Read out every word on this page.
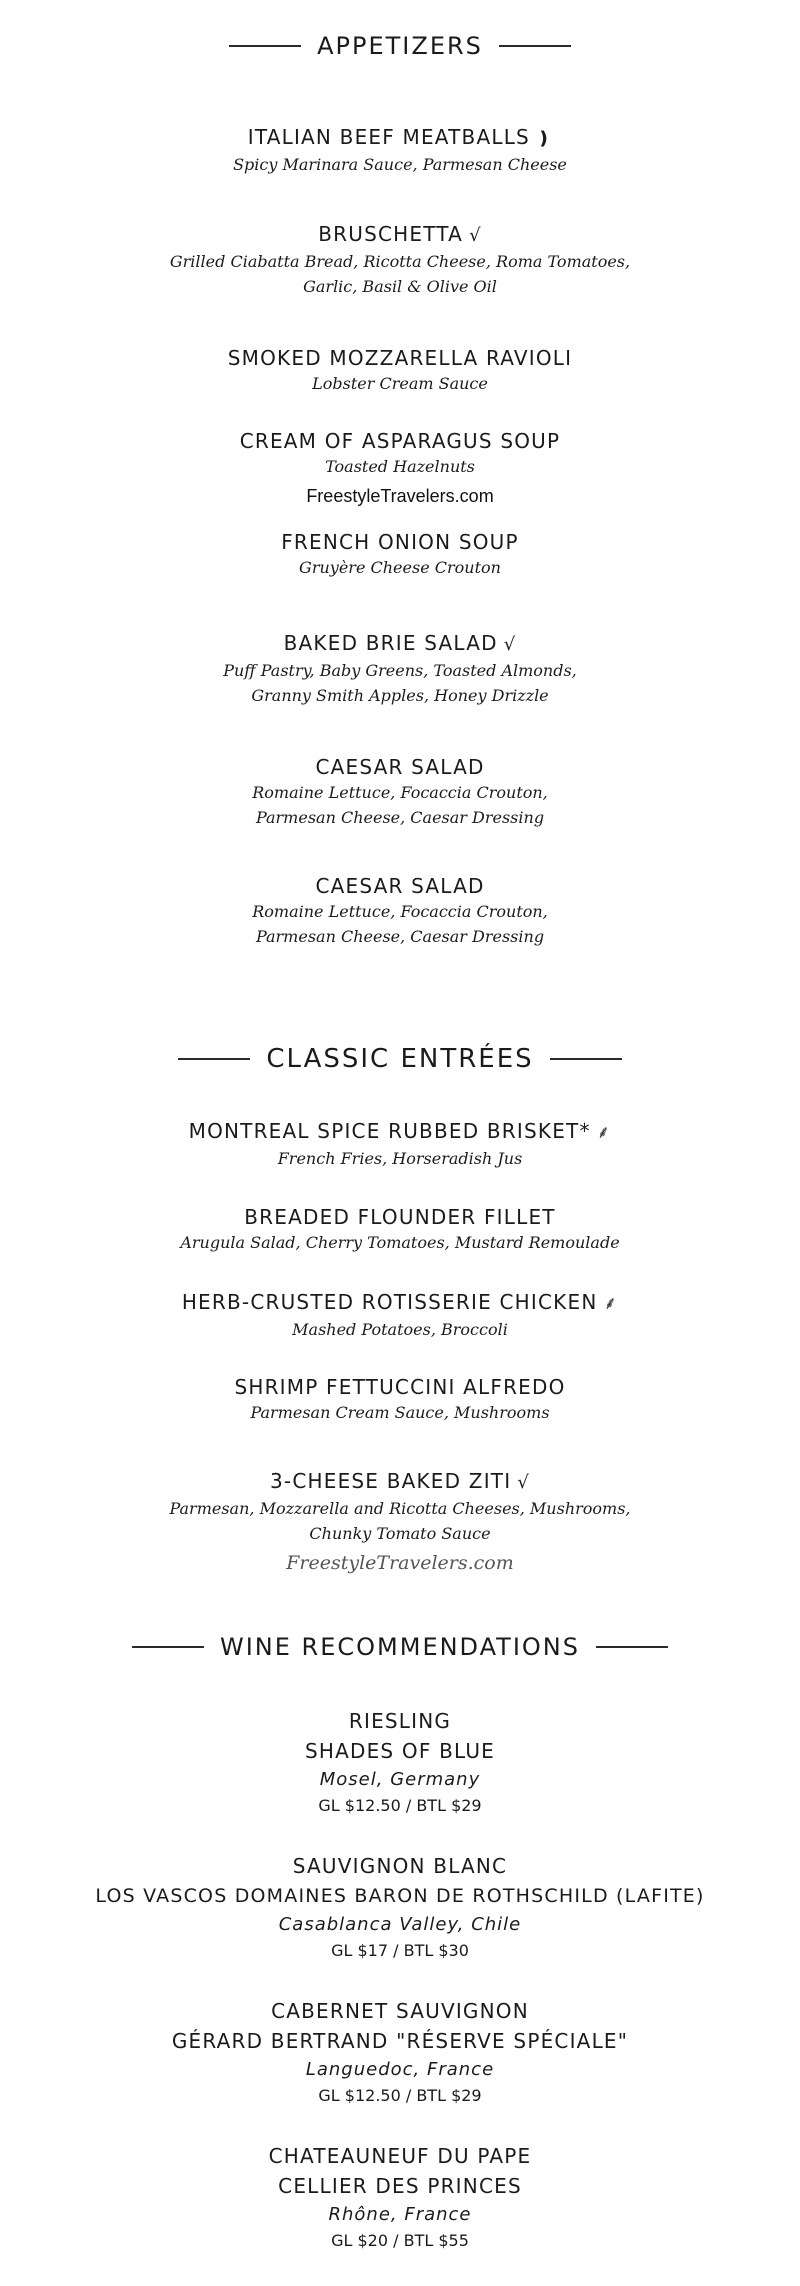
APPETIZERS
ITALIAN BEEF MEATBALLS ❫
Spicy Marinara Sauce, Parmesan Cheese
BRUSCHETTA √
Grilled Ciabatta Bread, Ricotta Cheese, Roma Tomatoes,
Garlic, Basil & Olive Oil
SMOKED MOZZARELLA RAVIOLI
Lobster Cream Sauce
CREAM OF ASPARAGUS SOUP
Toasted Hazelnuts
FreestyleTravelers.com
FRENCH ONION SOUP
Gruyère Cheese Crouton
BAKED BRIE SALAD √
Puff Pastry, Baby Greens, Toasted Almonds,
Granny Smith Apples, Honey Drizzle
CAESAR SALAD
Romaine Lettuce, Focaccia Crouton,
Parmesan Cheese, Caesar Dressing
CAESAR SALAD
Romaine Lettuce, Focaccia Crouton,
Parmesan Cheese, Caesar Dressing
CLASSIC ENTRÉES
MONTREAL SPICE RUBBED BRISKET* ⸙
French Fries, Horseradish Jus
BREADED FLOUNDER FILLET
Arugula Salad, Cherry Tomatoes, Mustard Remoulade
HERB-CRUSTED ROTISSERIE CHICKEN ⸙
Mashed Potatoes, Broccoli
SHRIMP FETTUCCINI ALFREDO
Parmesan Cream Sauce, Mushrooms
3-CHEESE BAKED ZITI √
Parmesan, Mozzarella and Ricotta Cheeses, Mushrooms,
Chunky Tomato Sauce
FreestyleTravelers.com
WINE RECOMMENDATIONS
RIESLING
SHADES OF BLUE
Mosel, Germany
GL $12.50 / BTL $29
SAUVIGNON BLANC
LOS VASCOS DOMAINES BARON DE ROTHSCHILD (LAFITE)
Casablanca Valley, Chile
GL $17 / BTL $30
CABERNET SAUVIGNON
GÉRARD BERTRAND "RÉSERVE SPÉCIALE"
Languedoc, France
GL $12.50 / BTL $29
CHATEAUNEUF DU PAPE
CELLIER DES PRINCES
Rhône, France
GL $20 / BTL $55
